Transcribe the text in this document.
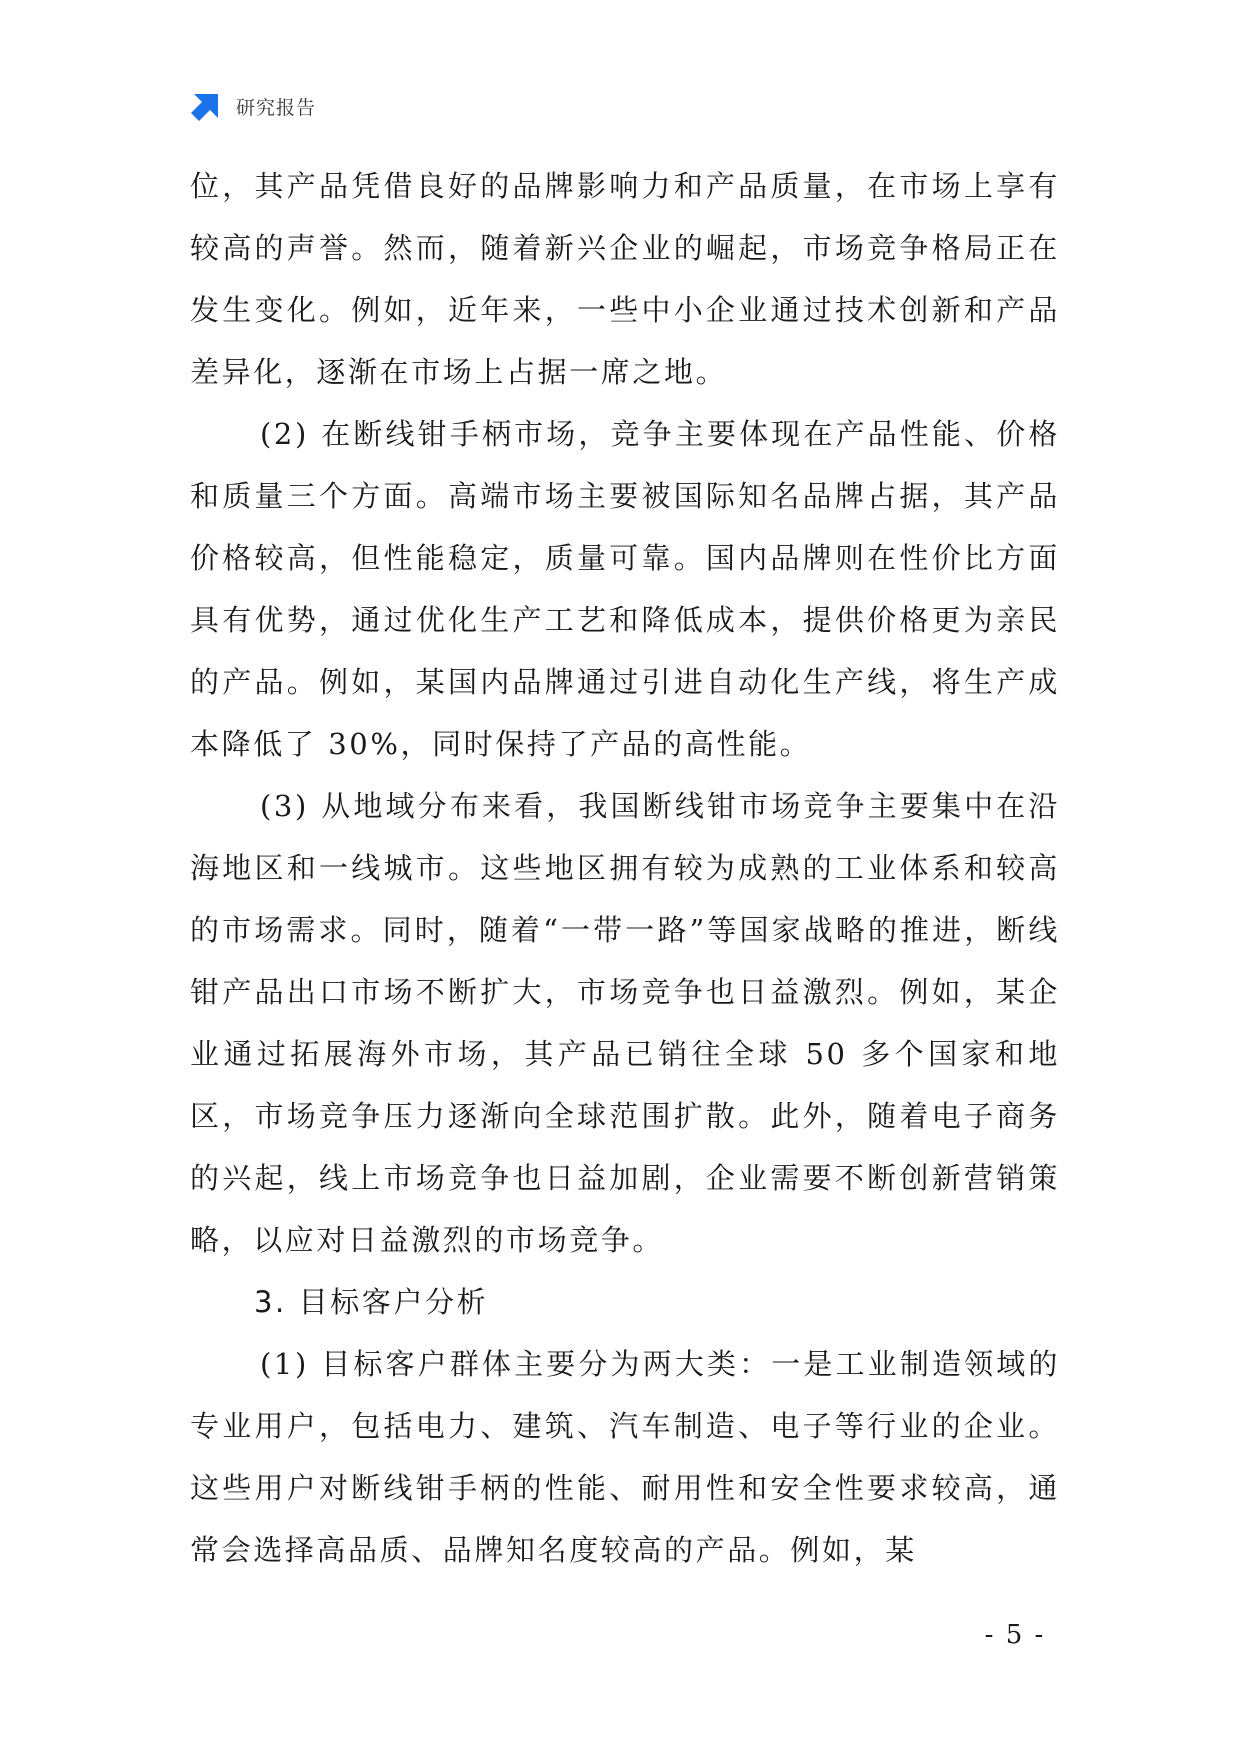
研究报告

位，其产品凭借良好的品牌影响力和产品质量，在市场上享有较高的声誉。然而，随着新兴企业的崛起，市场竞争格局正在发生变化。例如，近年来，一些中小企业通过技术创新和产品差异化，逐渐在市场上占据一席之地。

(2) 在断线钳手柄市场，竞争主要体现在产品性能、价格和质量三个方面。高端市场主要被国际知名品牌占据，其产品价格较高，但性能稳定，质量可靠。国内品牌则在性价比方面具有优势，通过优化生产工艺和降低成本，提供价格更为亲民的产品。例如，某国内品牌通过引进自动化生产线，将生产成本降低了 30%，同时保持了产品的高性能。

(3) 从地域分布来看，我国断线钳市场竞争主要集中在沿海地区和一线城市。这些地区拥有较为成熟的工业体系和较高的市场需求。同时，随着“一带一路”等国家战略的推进，断线钳产品出口市场不断扩大，市场竞争也日益激烈。例如，某企业通过拓展海外市场，其产品已销往全球 50 多个国家和地区，市场竞争压力逐渐向全球范围扩散。此外，随着电子商务的兴起，线上市场竞争也日益加剧，企业需要不断创新营销策略，以应对日益激烈的市场竞争。

3. 目标客户分析

(1) 目标客户群体主要分为两大类：一是工业制造领域的专业用户，包括电力、建筑、汽车制造、电子等行业的企业。这些用户对断线钳手柄的性能、耐用性和安全性要求较高，通常会选择高品质、品牌知名度较高的产品。例如，某

- 5 -
